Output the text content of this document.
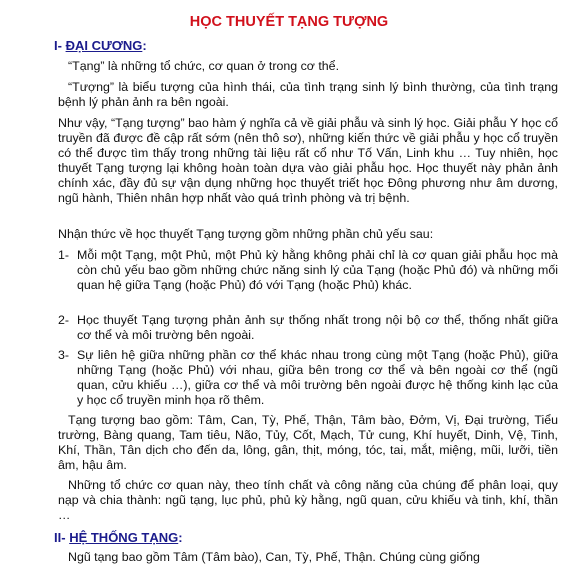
HỌC THUYẾT TẠNG TƯỢNG
I- ĐẠI CƯƠNG:

“Tạng” là những tổ chức, cơ quan ở trong cơ thể.

“Tượng” là biểu tượng của hình thái, của tình trạng sinh lý bình thường, của tình trạng bệnh lý phản ảnh ra bên ngoài.

Như vậy, “Tạng tượng” bao hàm ý nghĩa cả về giải phẫu và sinh lý học. Giải phẫu Y học cổ truyền đã được đề cập rất sớm (nên thô sơ), những kiến thức về giải phẫu y học cổ truyền có thể được tìm thấy trong những tài liệu rất cổ như Tố Vấn, Linh khu … Tuy nhiên, học thuyết Tạng tượng lại không hoàn toàn dựa vào giải phẫu học. Học thuyết này phản ảnh chính xác, đầy đủ sự vận dụng những học thuyết triết học Đông phương như âm dương, ngũ hành, Thiên nhân hợp nhất vào quá trình phòng và trị bệnh.

Nhận thức về học thuyết Tạng tượng gồm những phần chủ yếu sau:

1- Mỗi một Tạng, một Phủ, một Phủ kỳ hằng không phải chỉ là cơ quan giải phẫu học mà còn chủ yếu bao gồm những chức năng sinh lý của Tạng (hoặc Phủ đó) và những mối quan hệ giữa Tạng (hoặc Phủ) đó với Tạng (hoặc Phủ) khác.
2- Học thuyết Tạng tượng phản ảnh sự thống nhất trong nội bộ cơ thể, thống nhất giữa cơ thể và môi trường bên ngoài.
3- Sự liên hệ giữa những phần cơ thể khác nhau trong cùng một Tạng (hoặc Phủ), giữa những Tạng (hoặc Phủ) với nhau, giữa bên trong cơ thể và bên ngoài cơ thể (ngũ quan, cửu khiếu …), giữa cơ thể và môi trường bên ngoài được hệ thống kinh lạc của y học cổ truyền minh họa rõ thêm.

Tạng tượng bao gồm: Tâm, Can, Tỳ, Phế, Thận, Tâm bào, Đởm, Vị, Đại trường, Tiểu trường, Bàng quang, Tam tiêu, Não, Tủy, Cốt, Mạch, Tử cung, Khí huyết, Dinh, Vệ, Tinh, Khí, Thần, Tân dịch cho đến da, lông, gân, thịt, móng, tóc, tai, mắt, miệng, mũi, lưỡi, tiền âm, hậu âm.

Những tổ chức cơ quan này, theo tính chất và công năng của chúng để phân loại, quy nạp và chia thành: ngũ tạng, lục phủ, phủ kỳ hằng, ngũ quan, cửu khiếu và tinh, khí, thần …

II- HỆ THỐNG TẠNG:

Ngũ tạng bao gồm Tâm (Tâm bào), Can, Tỳ, Phế, Thận. Chúng cùng giống
